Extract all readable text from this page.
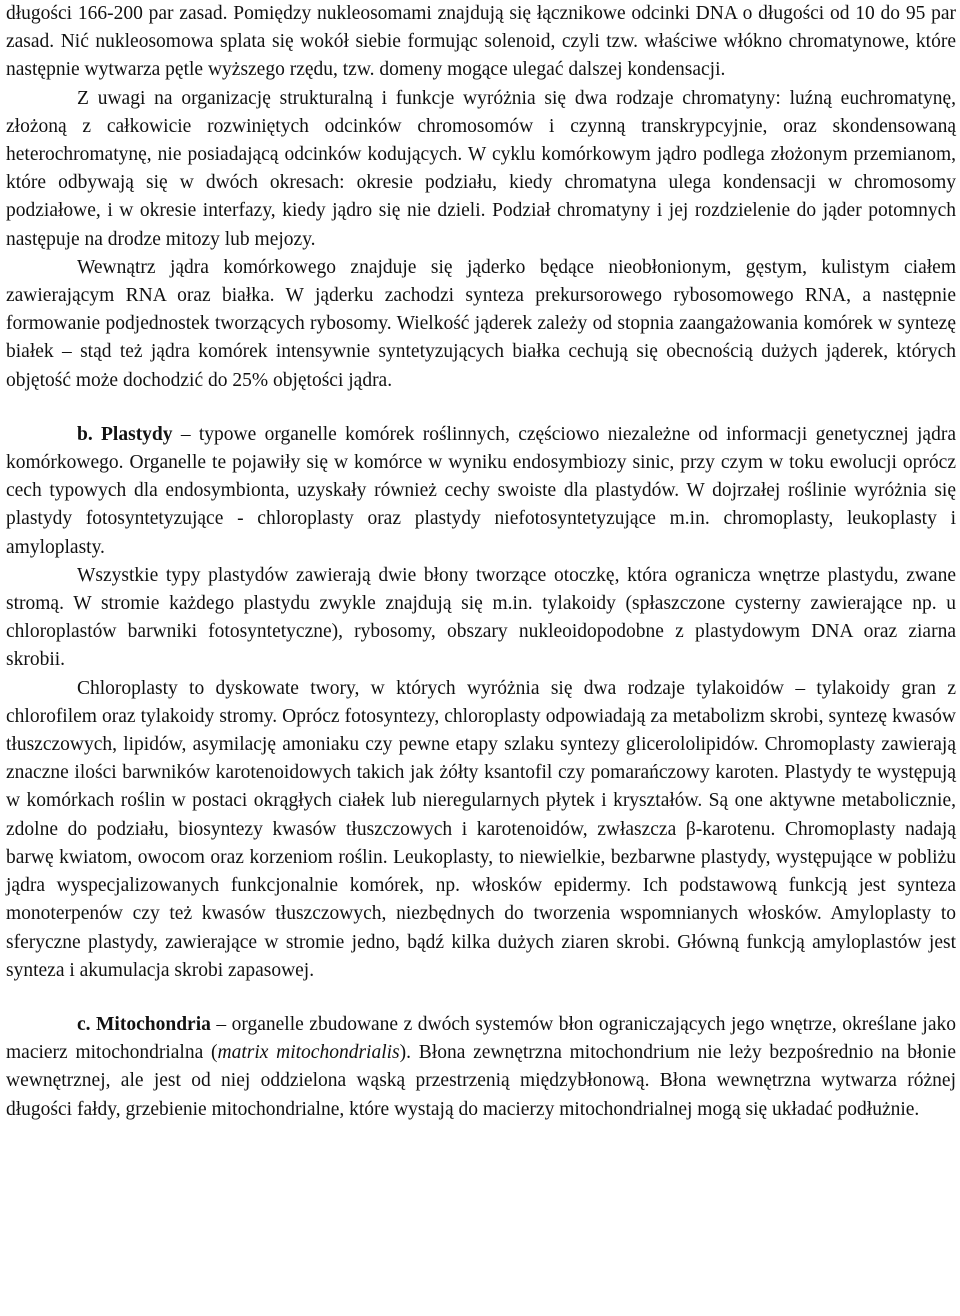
długości 166-200 par zasad. Pomiędzy nukleosomami znajdują się łącznikowe odcinki DNA o długości od 10 do 95 par zasad. Nić nukleosomowa splata się wokół siebie formując solenoid, czyli tzw. właściwe włókno chromatynowe, które następnie wytwarza pętle wyższego rzędu, tzw. domeny mogące ulegać dalszej kondensacji.

Z uwagi na organizację strukturalną i funkcje wyróżnia się dwa rodzaje chromatyny: luźną euchromatynę, złożoną z całkowicie rozwiniętych odcinków chromosomów i czynną transkrypcyjnie, oraz skondensowaną heterochromatynę, nie posiadającą odcinków kodujących. W cyklu komórkowym jądro podlega złożonym przemianom, które odbywają się w dwóch okresach: okresie podziału, kiedy chromatyna ulega kondensacji w chromosomy podziałowe, i w okresie interfazy, kiedy jądro się nie dzieli. Podział chromatyny i jej rozdzielenie do jąder potomnych następuje na drodze mitozy lub mejozy.

Wewnątrz jądra komórkowego znajduje się jąderko będące nieobłonionym, gęstym, kulistym ciałem zawierającym RNA oraz białka. W jąderku zachodzi synteza prekursorowego rybosomowego RNA, a następnie formowanie podjednostek tworzących rybosomy. Wielkość jąderek zależy od stopnia zaangażowania komórek w syntezę białek – stąd też jądra komórek intensywnie syntetyzujących białka cechują się obecnością dużych jąderek, których objętość może dochodzić do 25% objętości jądra.

b. Plastydy – typowe organelle komórek roślinnych, częściowo niezależne od informacji genetycznej jądra komórkowego. Organelle te pojawiły się w komórce w wyniku endosymbiozy sinic, przy czym w toku ewolucji oprócz cech typowych dla endosymbionta, uzyskały również cechy swoiste dla plastydów. W dojrzałej roślinie wyróżnia się plastydy fotosyntetyzujące - chloroplasty oraz plastydy niefotosyntetyzujące m.in. chromoplasty, leukoplasty i amyloplasty.

Wszystkie typy plastydów zawierają dwie błony tworzące otoczkę, która ogranicza wnętrze plastydu, zwane stromą. W stromie każdego plastydu zwykle znajdują się m.in. tylakoidy (spłaszczone cysterny zawierające np. u chloroplastów barwniki fotosyntetyczne), rybosomy, obszary nukleoidopodobne z plastydowym DNA oraz ziarna skrobii.

Chloroplasty to dyskowate twory, w których wyróżnia się dwa rodzaje tylakoidów – tylakoidy gran z chlorofilem oraz tylakoidy stromy. Oprócz fotosyntezy, chloroplasty odpowiadają za metabolizm skrobi, syntezę kwasów tłuszczowych, lipidów, asymilację amoniaku czy pewne etapy szlaku syntezy glicerololipidów. Chromoplasty zawierają znaczne ilości barwników karotenoidowych takich jak żółty ksantofil czy pomarańczowy karoten. Plastydy te występują w komórkach roślin w postaci okrągłych ciałek lub nieregularnych płytek i kryształów. Są one aktywne metabolicznie, zdolne do podziału, biosyntezy kwasów tłuszczowych i karotenoidów, zwłaszcza β-karotenu. Chromoplasty nadają barwę kwiatom, owocom oraz korzeniom roślin. Leukoplasty, to niewielkie, bezbarwne plastydy, występujące w pobliżu jądra wyspecjalizowanych funkcjonalnie komórek, np. włosków epidermy. Ich podstawową funkcją jest synteza monoterpenów czy też kwasów tłuszczowych, niezbędnych do tworzenia wspomnianych włosków. Amyloplasty to sferyczne plastydy, zawierające w stromie jedno, bądź kilka dużych ziaren skrobi. Główną funkcją amyloplastów jest synteza i akumulacja skrobi zapasowej.

c. Mitochondria – organelle zbudowane z dwóch systemów błon ograniczających jego wnętrze, określane jako macierz mitochondrialna (matrix mitochondrialis). Błona zewnętrzna mitochondrium nie leży bezpośrednio na błonie wewnętrznej, ale jest od niej oddzielona wąską przestrzenią międzybłonową. Błona wewnętrzna wytwarza różnej długości fałdy, grzebienie mitochondrialne, które wystają do macierzy mitochondrialnej mogą się układać podłużnie.
